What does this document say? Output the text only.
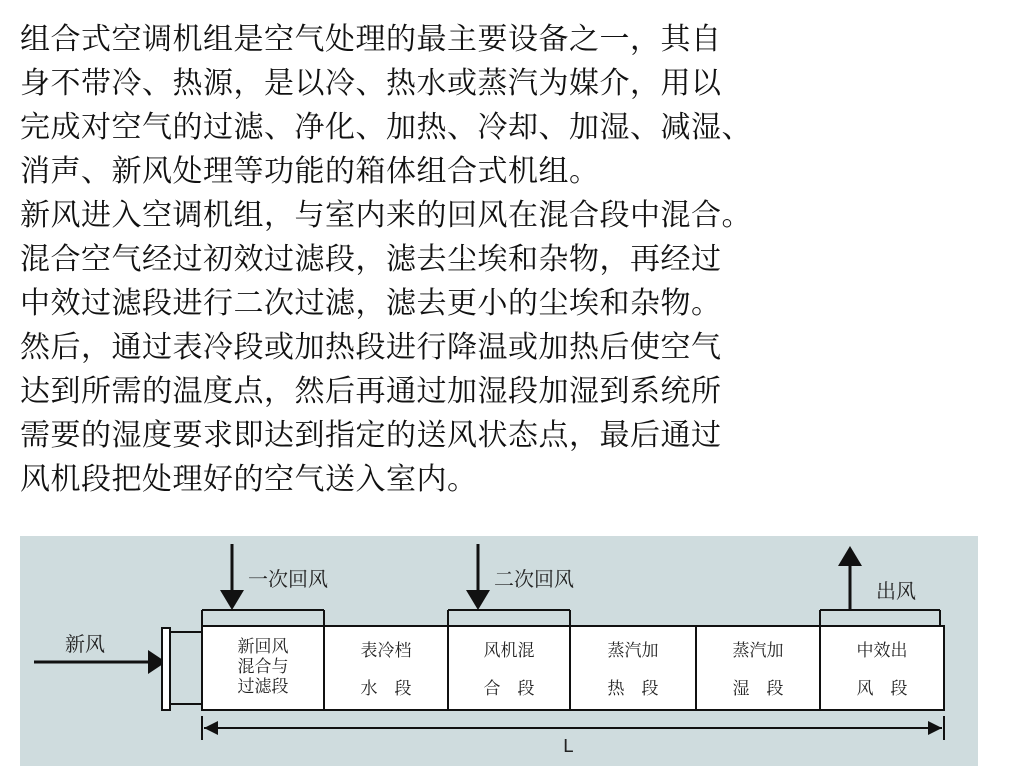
组合式空调机组是空气处理的最主要设备之一，其自
身不带冷、热源，是以冷、热水或蒸汽为媒介，用以
完成对空气的过滤、净化、加热、冷却、加湿、减湿、
消声、新风处理等功能的箱体组合式机组。
新风进入空调机组，与室内来的回风在混合段中混合。
混合空气经过初效过滤段，滤去尘埃和杂物，再经过
中效过滤段进行二次过滤，滤去更小的尘埃和杂物。
然后，通过表冷段或加热段进行降温或加热后使空气
达到所需的温度点，然后再通过加湿段加湿到系统所
需要的湿度要求即达到指定的送风状态点，最后通过
风机段把处理好的空气送入室内。
新风	新回风
混合与
过滤段
表冷档
水　段
风机混
合　段
蒸汽加
热　段
蒸汽加
湿　段
中效出
风　段
一次回风	二次回风	出风
L
